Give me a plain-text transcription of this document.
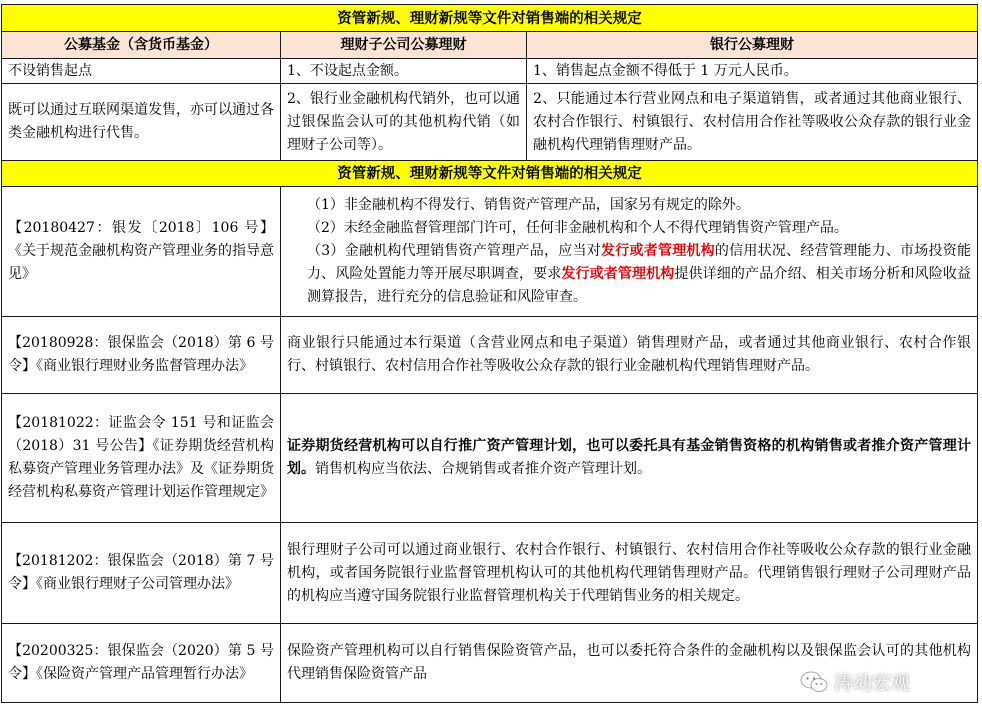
资管新规、理财新规等文件对销售端的相关规定		
公募基金（含货币基金）	理财子公司公募理财	银行公募理财
不设销售起点	1、不设起点金额。	1、销售起点金额不得低于 1 万元人民币。
既可以通过互联网渠道发售，亦可以通过各类金融机构进行代售。	2、银行业金融机构代销外，也可以通过银保监会认可的其他机构代销（如理财子公司等）。	2、只能通过本行营业网点和电子渠道销售，或者通过其他商业银行、农村合作银行、村镇银行、农村信用合作社等吸收公众存款的银行业金融机构代理销售理财产品。
资管新规、理财新规等文件对销售端的相关规定		
【20180427：银发〔2018〕106 号】《关于规范金融机构资产管理业务的指导意见》	（1）非金融机构不得发行、销售资产管理产品，国家另有规定的除外。
（2）未经金融监督管理部门许可，任何非金融机构和个人不得代理销售资产管理产品。
（3）金融机构代理销售资产管理产品，应当对发行或者管理机构的信用状况、经营管理能力、市场投资能力、风险处置能力等开展尽职调查，要求发行或者管理机构提供详细的产品介绍、相关市场分析和风险收益测算报告，进行充分的信息验证和风险审查。	

【20180928：银保监会（2018）第 6 号令】《商业银行理财业务监督管理办法》	商业银行只能通过本行渠道（含营业网点和电子渠道）销售理财产品，或者通过其他商业银行、农村合作银行、村镇银行、农村信用合作社等吸收公众存款的银行业金融机构代理销售理财产品。	
【20181022：证监会令 151 号和证监会（2018）31 号公告】《证券期货经营机构私募资产管理业务管理办法》及《证券期货经营机构私募资产管理计划运作管理规定》	证券期货经营机构可以自行推广资产管理计划，也可以委托具有基金销售资格的机构销售或者推介资产管理计划。销售机构应当依法、合规销售或者推介资产管理计划。	
【20181202：银保监会（2018）第 7 号令】《商业银行理财子公司管理办法》	银行理财子公司可以通过商业银行、农村合作银行、村镇银行、农村信用合作社等吸收公众存款的银行业金融机构，或者国务院银行业监督管理机构认可的其他机构代理销售理财产品。代理销售银行理财子公司理财产品的机构应当遵守国务院银行业监督管理机构关于代理销售业务的相关规定。	
【20200325：银保监会（2020）第 5 号令】《保险资产管理产品管理暂行办法》	保险资产管理机构可以自行销售保险资管产品，也可以委托符合条件的金融机构以及银保监会认可的其他机构代理销售保险资管产品		涛动宏观
